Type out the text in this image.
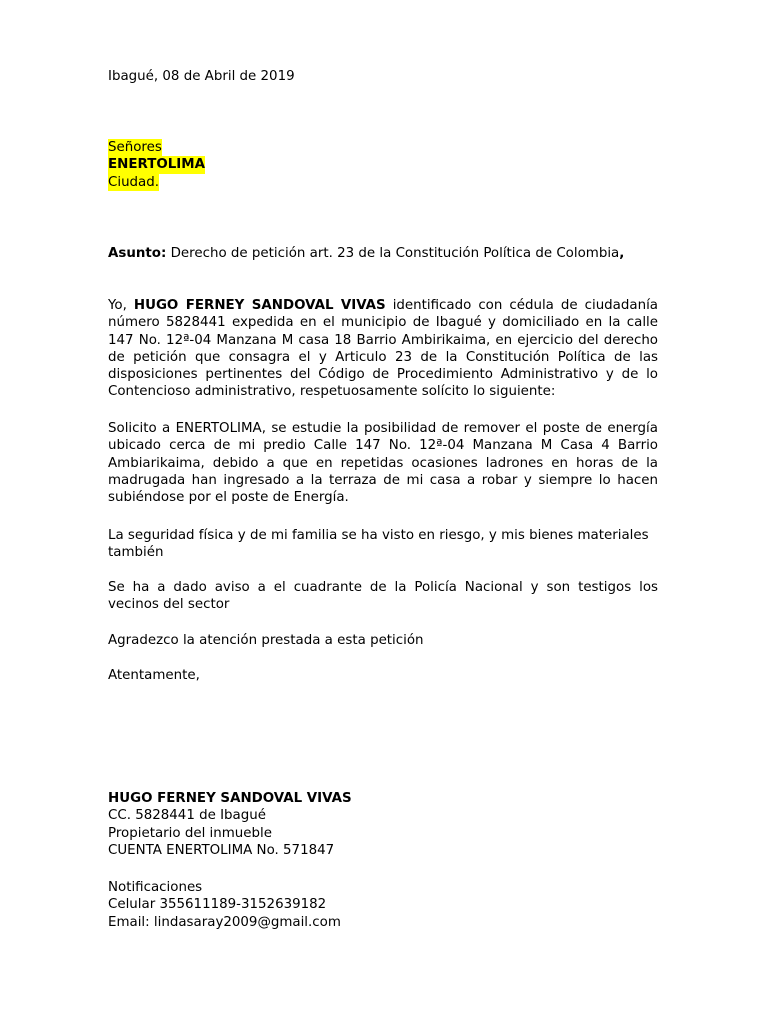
Ibagué, 08 de Abril de 2019

Señores
ENERTOLIMA
Ciudad.

Asunto: Derecho de petición art. 23 de la Constitución Política de Colombia,

Yo, HUGO FERNEY SANDOVAL VIVAS identificado con cédula de ciudadanía número 5828441 expedida en el municipio de Ibagué y domiciliado en la calle 147 No. 12ª-04 Manzana M casa 18 Barrio Ambirikaima, en ejercicio del derecho de petición que consagra el y Articulo 23 de la Constitución Política de las disposiciones pertinentes del Código de Procedimiento Administrativo y de lo Contencioso administrativo, respetuosamente solícito lo siguiente:

Solicito a ENERTOLIMA, se estudie la posibilidad de remover el poste de energía ubicado cerca de mi predio Calle 147 No. 12ª-04 Manzana M Casa 4 Barrio Ambiarikaima, debido a que en repetidas ocasiones ladrones en horas de la madrugada han ingresado a la terraza de mi casa a robar y siempre lo hacen subiéndose por el poste de Energía.

La seguridad física y de mi familia se ha visto en riesgo, y mis bienes materiales también

Se ha a dado aviso a el cuadrante de la Policía Nacional y son testigos los vecinos del sector

Agradezco la atención prestada a esta petición

Atentamente,

HUGO FERNEY SANDOVAL VIVAS
CC. 5828441 de Ibagué
Propietario del inmueble
CUENTA ENERTOLIMA No. 571847
Notificaciones
Celular 355611189-3152639182
Email: lindasaray2009@gmail.com
